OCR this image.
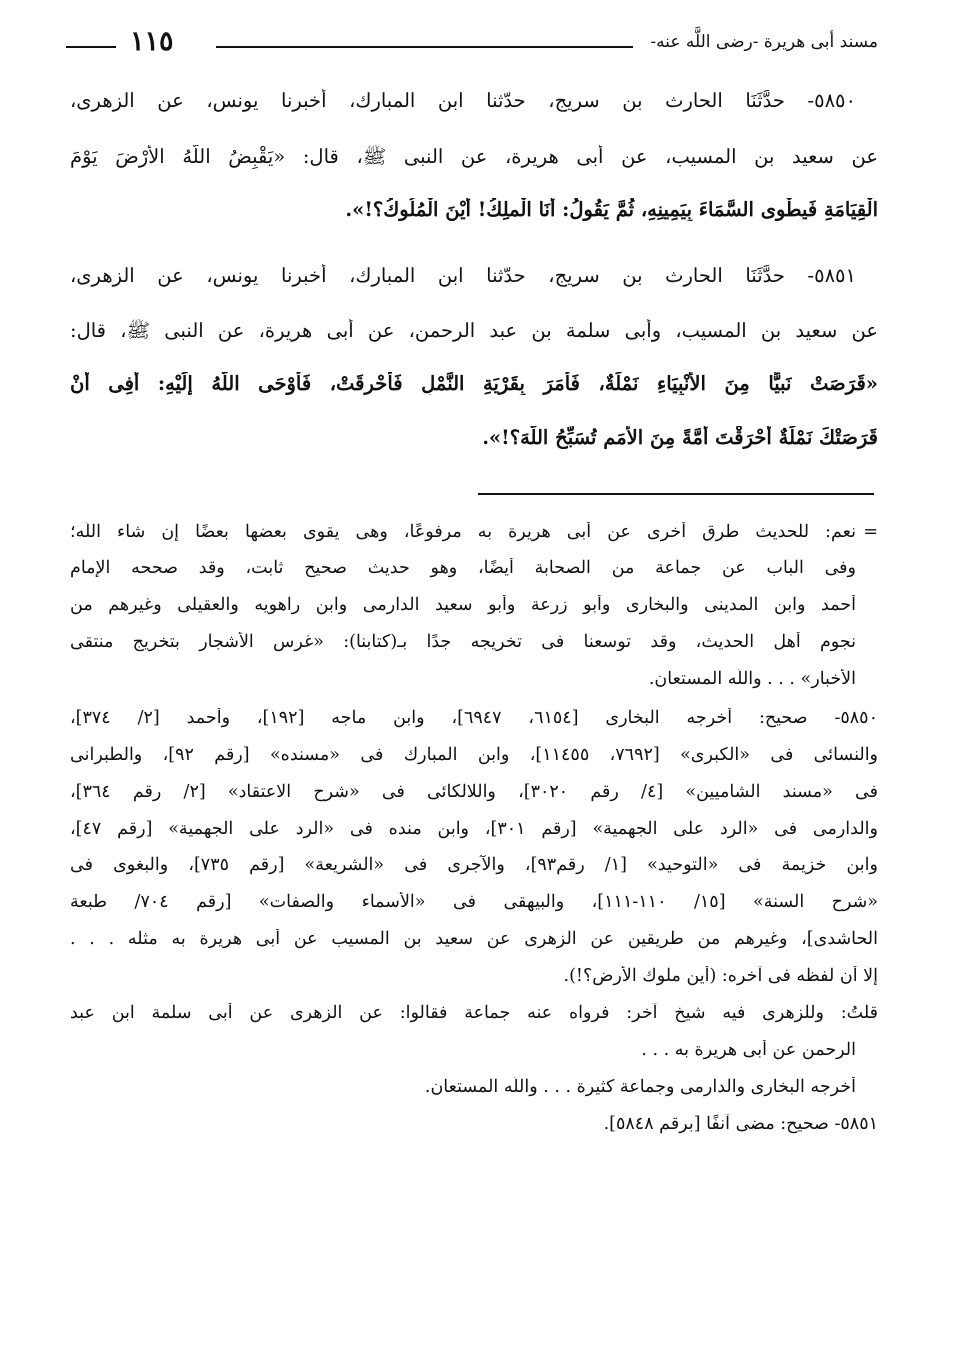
مسند أبى هريرة -رضى اللَّه عنه-
١١٥

٥٨٥٠- حدَّثَنَا الحارث بن سريجٍ، حدّثنا ابن المبارك، أخبرنا يونس، عن الزهرى،

عن سعيد بن المسيب، عن أبى هريرة، عن النبى ﷺ، قال: «يَقْبِضُ اللَّهُ الأَرْضَ يَوْمَ

الْقِيَامَةِ فَيطْوِى السَّمَاءَ بِيَمِينِهِ، ثُمَّ يَقُولُ: أَنَا الْملِكُ! أَيْنَ الْمُلُوكُ؟!».

٥٨٥١- حدَّثَنَا الحارث بن سريجٍ، حدّثنا ابن المبارك، أخبرنا يونس، عن الزهرى،

عن سعيد بن المسيب، وأبى سلمة بن عبد الرحمن، عن أبى هريرة، عن النبى ﷺ، قال:

«قَرَصَتْ نَبيًّا مِنَ الأَنْبِيَاءِ نَمْلَةٌ، فَأَمَرَ بِقَرْيَةِ النَّمْلِ فَأُحْرِقَتْ، فَأَوْحَى اللَّهُ إِلَيْهِ: أَفِى أَنْ

قَرَصَتْكَ نَمْلَةٌ أَحْرَقْتَ أُمَّةً مِنَ الأُمَمِ تُسَبِّحُ اللَّهَ؟!».

=

نعم: للحديث طرق أخرى عن أبى هريرة به مرفوعًا، وهى يقوى بعضها بعضًا إن شاء اللَّه؛

وفى الباب عن جماعة من الصحابة أيضًا، وهو حديث صحيح ثابت، وقد صححه الإمام

أحمد وابن المدينى والبخارى وأبو زرعة وأبو سعيد الدارمى وابن راهويه والعقيلى وغيرهم من

نجوم أهل الحديث، وقد توسعنا فى تخريجه جدًا بـ(كتابنا): «غرس الأشجار بتخريج منتقى

الأخبار» . . . واللَّه المستعان.

٥٨٥٠- صحيح: أخرجه البخارى [٦١٥٤، ٦٩٤٧]، وابن ماجه [١٩٢]، وأحمد [٢/ ٣٧٤]،

والنسائى فى «الكبرى» [٧٦٩٢، ١١٤٥٥]، وابن المبارك فى «مسنده» [رقم ٩٢]، والطبرانى

فى «مسند الشاميين» [٤/ رقم ٣٠٢٠]، واللالكائى فى «شرح الاعتقاد» [٢/ رقم ٣٦٤]،

والدارمى فى «الرد على الجهمية» [رقم ٣٠١]، وابن منده فى «الرد على الجهمية» [رقم ٤٧]،

وابن خزيمة فى «التوحيد» [١/ رقم٩٣]، والآجرى فى «الشريعة» [رقم ٧٣٥]، والبغوى فى

«شرح السنة» [١٥/ ١١٠-١١١]، والبيهقى فى «الأسماء والصفات» [رقم ٧٠٤/ طبعة

الحاشدى]، وغيرهم من طريقين عن الزهرى عن سعيد بن المسيب عن أبى هريرة به مثله . . .

إلا أن لفظه فى آخره: (أين ملوك الأرض؟!).

قلتُ: وللزهرى فيه شيخ آخر: فرواه عنه جماعة فقالوا: عن الزهرى عن أبى سلمة ابن عبد

الرحمن عن أبى هريرة به . . .

أخرجه البخارى والدارمى وجماعة كثيرة . . . واللَّه المستعان.

٥٨٥١- صحيح: مضى آنفًا [برقم ٥٨٤٨].
